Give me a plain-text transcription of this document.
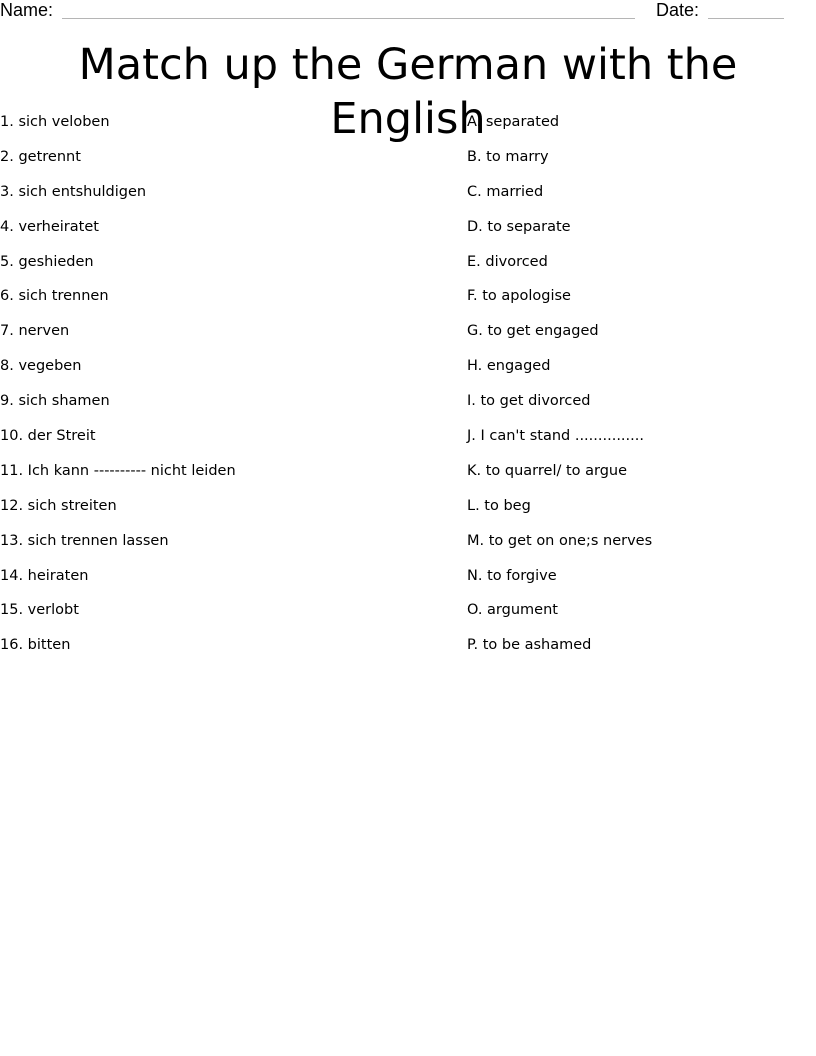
Name:	Date:
Match up the German with the English
1. sich veloben
2. getrennt
3. sich entshuldigen
4. verheiratet
5. geshieden
6. sich trennen
7. nerven
8. vegeben
9. sich shamen
10. der Streit
11. Ich kann ---------- nicht leiden
12. sich streiten
13. sich trennen lassen
14. heiraten
15. verlobt
16. bitten
A. separated
B. to marry
C. married
D. to separate
E. divorced
F. to apologise
G. to get engaged
H. engaged
I. to get divorced
J. I can't stand ...............
K. to quarrel/ to argue
L. to beg
M. to get on one;s nerves
N. to forgive
O. argument
P. to be ashamed
